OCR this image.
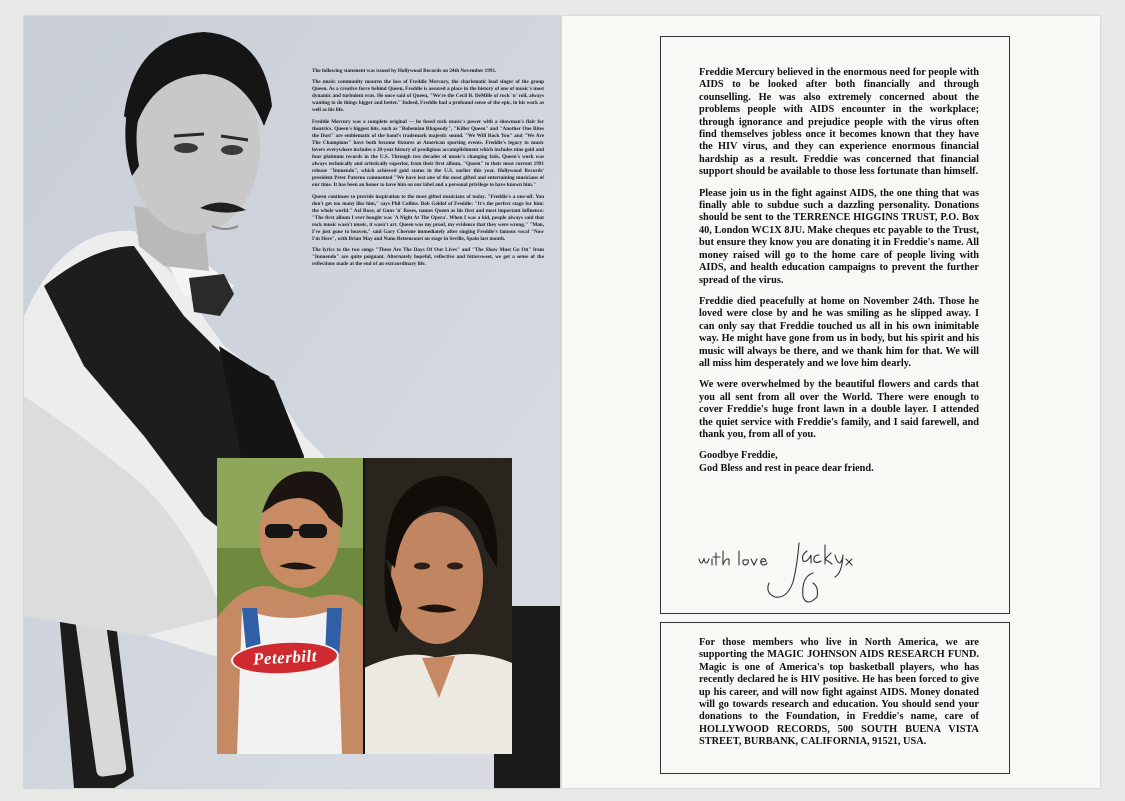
The following statement was issued by Hollywood Records on 24th November 1991.

The music community mourns the loss of Freddie Mercury, the charismatic lead singer of the group Queen. As a creative force behind Queen, Freddie is assured a place in the history of one of music's most dynamic and turbulent eras. He once said of Queen, "We're the Cecil B. DeMille of rock 'n' roll, always wanting to do things bigger and better." Indeed, Freddie had a profound sense of the epic, in his work as well as his life.

Freddie Mercury was a complete original — he fused rock music's power with a showman's flair for theatrics. Queen's biggest hits, such as "Bohemian Rhapsody", "Killer Queen" and "Another One Bites the Dust" are emblematic of the band's trademark majestic sound. "We Will Rock You" and "We Are The Champions" have both become fixtures at American sporting events. Freddie's legacy to music lovers everywhere includes a 20-year history of prodigious accomplishment which includes nine gold and four platinum records in the U.S. Through two decades of music's changing fads, Queen's work was always technically and artistically superior, from their first album, "Queen" to their most current 1991 release "Innuendo", which achieved gold status in the U.S. earlier this year. Hollywood Records' president Peter Paterno commented "We have lost one of the most gifted and entertaining musicians of our time. It has been an honor to have him on our label and a personal privilege to have known him."

Queen continues to provide inspiration to the most gifted musicians of today. "Freddie's a one-off. You don't get too many like him," says Phil Collins. Bob Geldof of Freddie: "It's the perfect stage for him: the whole world." Axl Rose, of Guns 'n' Roses, names Queen as his first and most important influence: "The first album I ever bought was 'A Night At The Opera'. When I was a kid, people always said that rock music wasn't music, it wasn't art. Queen was my proof, my evidence that they were wrong." "Man, I've just gone to heaven," said Gary Cherone immediately after singing Freddie's famous vocal "Now I'm Here", with Brian May and Nuno Bettencourt on stage in Seville, Spain last month.

The lyrics to the two songs "These Are The Days Of Our Lives" and "The Show Must Go On" from "Innuendo" are quite poignant. Alternately hopeful, reflective and bittersweet, we get a sense of the reflections made at the end of an extraordinary life.

Peterbilt

Freddie Mercury believed in the enormous need for people with AIDS to be looked after both financially and through counselling. He was also extremely concerned about the problems people with AIDS encounter in the workplace; through ignorance and prejudice people with the virus often find themselves jobless once it becomes known that they have the HIV virus, and they can experience enormous financial hardship as a result. Freddie was concerned that financial support should be available to those less fortunate than himself.

Please join us in the fight against AIDS, the one thing that was finally able to subdue such a dazzling personality. Donations should be sent to the TERRENCE HIGGINS TRUST, P.O. Box 40, London WC1X 8JU. Make cheques etc payable to the Trust, but ensure they know you are donating it in Freddie's name. All money raised will go to the home care of people living with AIDS, and health education campaigns to prevent the further spread of the virus.

Freddie died peacefully at home on November 24th. Those he loved were close by and he was smiling as he slipped away. I can only say that Freddie touched us all in his own inimitable way. He might have gone from us in body, but his spirit and his music will always be there, and we thank him for that. We will all miss him desperately and we love him dearly.

We were overwhelmed by the beautiful flowers and cards that you all sent from all over the World. There were enough to cover Freddie's huge front lawn in a double layer. I attended the quiet service with Freddie's family, and I said farewell, and thank you, from all of you.

Goodbye Freddie,

God Bless and rest in peace dear friend.

For those members who live in North America, we are supporting the MAGIC JOHNSON AIDS RESEARCH FUND. Magic is one of America's top basketball players, who has recently declared he is HIV positive. He has been forced to give up his career, and will now fight against AIDS. Money donated will go towards research and education. You should send your donations to the Foundation, in Freddie's name, care of HOLLYWOOD RECORDS, 500 SOUTH BUENA VISTA STREET, BURBANK, CALIFORNIA, 91521, USA.
